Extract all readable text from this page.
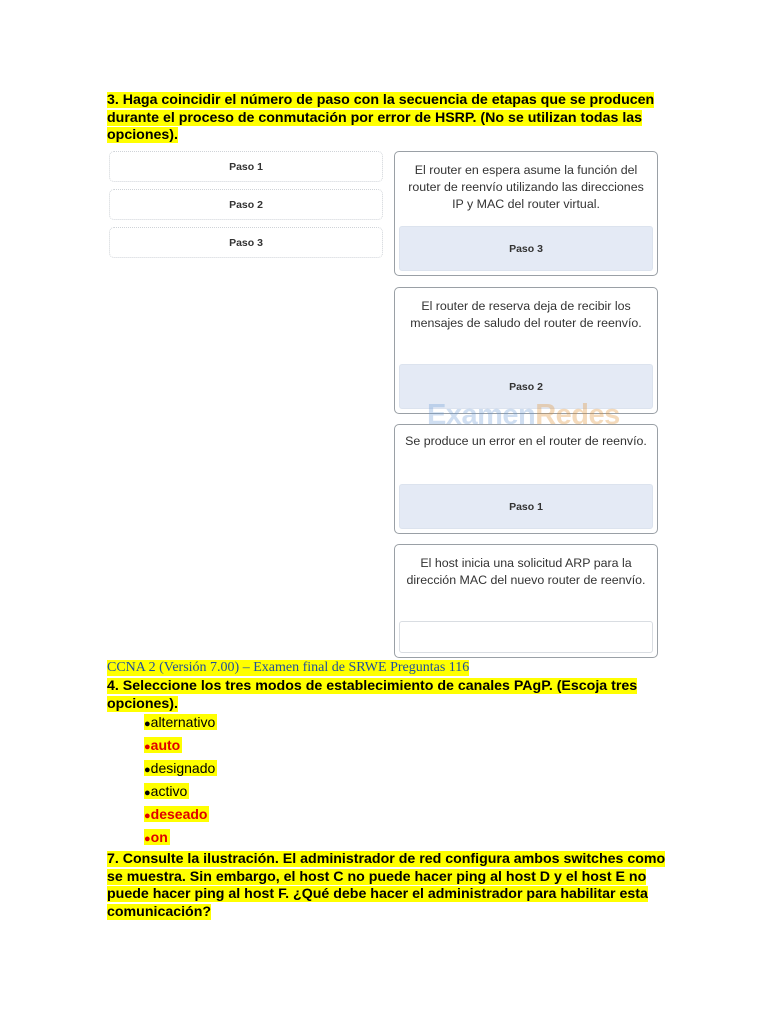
3. Haga coincidir el número de paso con la secuencia de etapas que se producen durante el proceso de conmutación por error de HSRP. (No se utilizan todas las opciones).

Paso 1
Paso 2
Paso 3
El router en espera asume la función del router de reenvío utilizando las direcciones IP y MAC del router virtual.
Paso 3
El router de reserva deja de recibir los mensajes de saludo del router de reenvío.
Paso 2
Se produce un error en el router de reenvío.
Paso 1
El host inicia una solicitud ARP para la dirección MAC del nuevo router de reenvío.
ExamenRedes
CCNA 2 (Versión 7.00) – Examen final de SRWE Preguntas 116

4. Seleccione los tres modos de establecimiento de canales PAgP. (Escoja tres opciones).

●alternativo
●auto
●designado
●activo
●deseado
●on

7. Consulte la ilustración. El administrador de red configura ambos switches como se muestra. Sin embargo, el host C no puede hacer ping al host D y el host E no puede hacer ping al host F. ¿Qué debe hacer el administrador para habilitar esta comunicación?
